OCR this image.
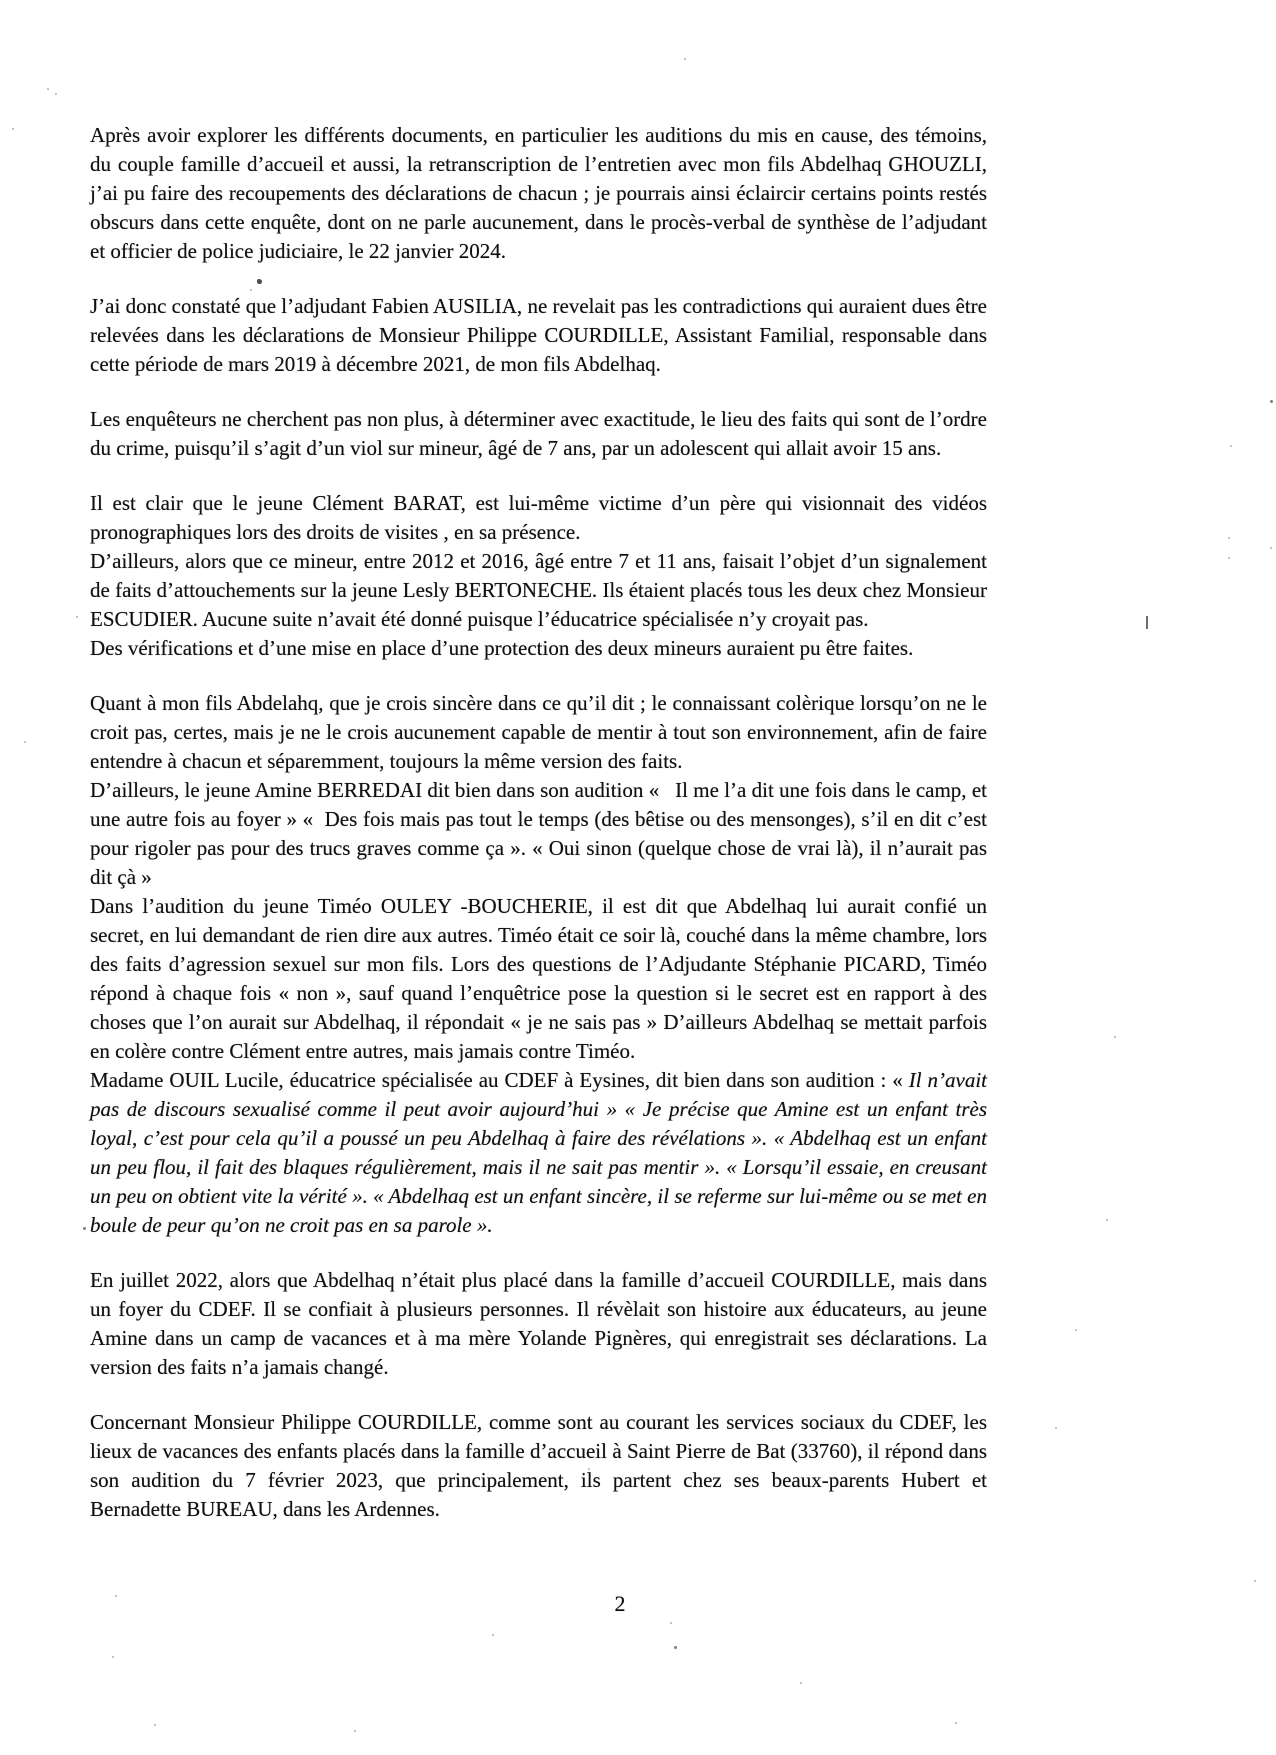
Après avoir explorer les différents documents, en particulier les auditions du mis en cause, des témoins, du couple famille d’accueil et aussi, la retranscription de l’entretien avec mon fils Abdelhaq GHOUZLI, j’ai pu faire des recoupements des déclarations de chacun ; je pourrais ainsi éclaircir certains points restés obscurs dans cette enquête, dont on ne parle aucunement, dans le procès-verbal de synthèse de l’adjudant et officier de police judiciaire, le 22 janvier 2024.

J’ai donc constaté que l’adjudant Fabien AUSILIA, ne revelait pas les contradictions qui auraient dues être relevées dans les déclarations de Monsieur Philippe COURDILLE, Assistant Familial, responsable dans cette période de mars 2019 à décembre 2021, de mon fils Abdelhaq.

Les enquêteurs ne cherchent pas non plus, à déterminer avec exactitude, le lieu des faits qui sont de l’ordre du crime, puisqu’il s’agit d’un viol sur mineur, âgé de 7 ans, par un adolescent qui allait avoir 15 ans.

Il est clair que le jeune Clément BARAT, est lui-même victime d’un père qui visionnait des vidéos pronographiques lors des droits de visites , en sa présence.

D’ailleurs, alors que ce mineur, entre 2012 et 2016, âgé entre 7 et 11 ans, faisait l’objet d’un signalement de faits d’attouchements sur la jeune Lesly BERTONECHE. Ils étaient placés tous les deux chez Monsieur ESCUDIER. Aucune suite n’avait été donné puisque l’éducatrice spécialisée n’y croyait pas.

Des vérifications et d’une mise en place d’une protection des deux mineurs auraient pu être faites.

Quant à mon fils Abdelahq, que je crois sincère dans ce qu’il dit ; le connaissant colèrique lorsqu’on ne le croit pas, certes, mais je ne le crois aucunement capable de mentir à tout son environnement, afin de faire entendre à chacun et séparemment, toujours la même version des faits.

D’ailleurs, le jeune Amine BERREDAI dit bien dans son audition «   Il me l’a dit une fois dans le camp, et une autre fois au foyer » «  Des fois mais pas tout le temps (des bêtise ou des mensonges), s’il en dit c’est pour rigoler pas pour des trucs graves comme ça ». « Oui sinon (quelque chose de vrai là), il n’aurait pas dit çà »

Dans l’audition du jeune Timéo OULEY -BOUCHERIE, il est dit que Abdelhaq lui aurait confié un secret, en lui demandant de rien dire aux autres. Timéo était ce soir là, couché dans la même chambre, lors des faits d’agression sexuel sur mon fils. Lors des questions de l’Adjudante Stéphanie PICARD, Timéo répond à chaque fois « non », sauf quand l’enquêtrice pose la question si le secret est en rapport à des choses que l’on aurait sur Abdelhaq, il répondait « je ne sais pas » D’ailleurs Abdelhaq se mettait parfois en colère contre Clément entre autres, mais jamais contre Timéo.

Madame OUIL Lucile, éducatrice spécialisée au CDEF à Eysines, dit bien dans son audition : « Il n’avait pas de discours sexualisé comme il peut avoir aujourd’hui » « Je précise que Amine est un enfant très loyal, c’est pour cela qu’il a poussé un peu Abdelhaq à faire des révélations ». « Abdelhaq est un enfant un peu flou, il fait des blaques régulièrement, mais il ne sait pas mentir ». « Lorsqu’il essaie, en creusant un peu on obtient vite la vérité ». « Abdelhaq est un enfant sincère, il se referme sur lui-même ou se met en boule de peur qu’on ne croit pas en sa parole ».

En juillet 2022, alors que Abdelhaq n’était plus placé dans la famille d’accueil COURDILLE, mais dans un foyer du CDEF. Il se confiait à plusieurs personnes. Il révèlait son histoire aux éducateurs, au jeune Amine dans un camp de vacances et à ma mère Yolande Pignères, qui enregistrait ses déclarations. La version des faits n’a jamais changé.

Concernant Monsieur Philippe COURDILLE, comme sont au courant les services sociaux du CDEF, les lieux de vacances des enfants placés dans la famille d’accueil à Saint Pierre de Bat (33760), il répond dans son audition du 7 février 2023, que principalement, ils partent chez ses beaux-parents Hubert et Bernadette BUREAU, dans les Ardennes.

2
